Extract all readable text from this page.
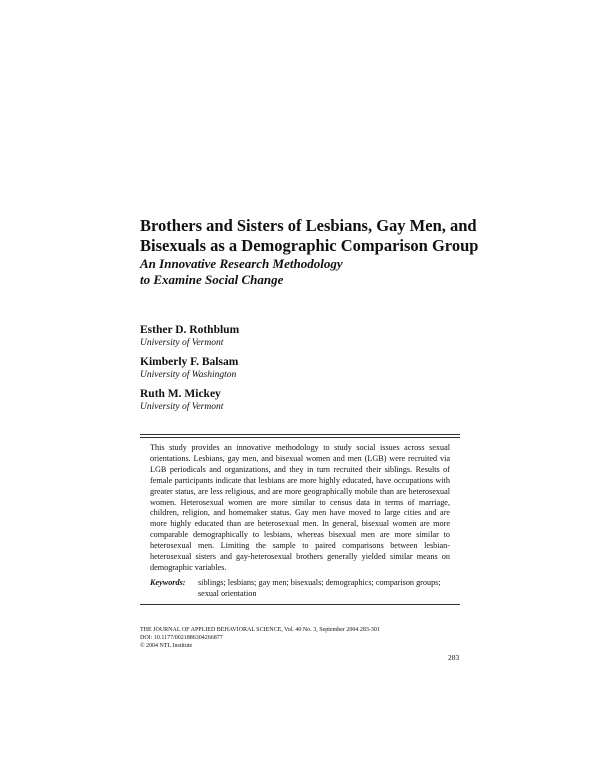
Brothers and Sisters of Lesbians, Gay Men, and
Bisexuals as a Demographic Comparison Group
An Innovative Research Methodology
to Examine Social Change
Esther D. Rothblum
University of Vermont
Kimberly F. Balsam
University of Washington
Ruth M. Mickey
University of Vermont

This study provides an innovative methodology to study social issues across sexual orientations. Lesbians, gay men, and bisexual women and men (LGB) were recruited via LGB periodicals and organizations, and they in turn recruited their siblings. Results of female participants indicate that lesbians are more highly educated, have occupations with greater status, are less religious, and are more geographically mobile than are heterosexual women. Heterosexual women are more similar to census data in terms of marriage, children, religion, and homemaker status. Gay men have moved to large cities and are more highly educated than are heterosexual men. In general, bisexual women are more comparable demographically to lesbians, whereas bisexual men are more similar to heterosexual men. Limiting the sample to paired comparisons between lesbian-heterosexual sisters and gay-heterosexual brothers generally yielded similar means on demographic variables.

Keywords: siblings; lesbians; gay men; bisexuals; demographics; comparison groups; sexual orientation
THE JOURNAL OF APPLIED BEHAVIORAL SCIENCE, Vol. 40 No. 3, September 2004 283-301
DOI: 10.1177/0021886304266877
© 2004 NTL Institute
283
